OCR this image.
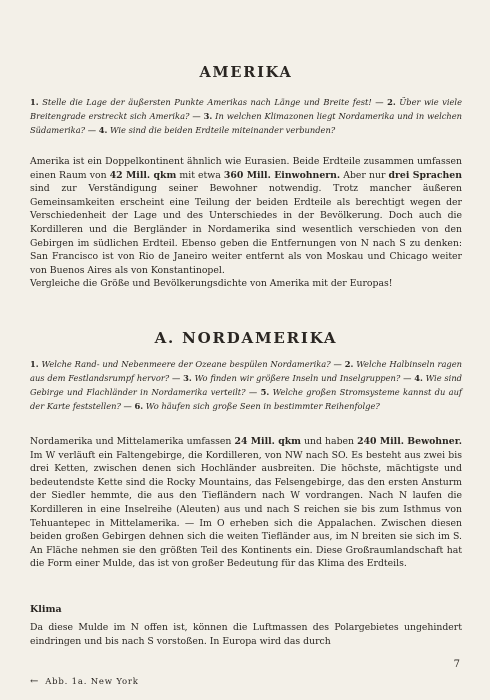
AMERIKA
1. Stelle die Lage der äußersten Punkte Amerikas nach Länge und Breite fest! — 2. Über wie viele Breitengrade erstreckt sich Amerika? — 3. In welchen Klimazonen liegt Nordamerika und in welchen Südamerika? — 4. Wie sind die beiden Erdteile miteinander verbunden?
Amerika ist ein Doppelkontinent ähnlich wie Eurasien. Beide Erdteile zusammen umfassen einen Raum von 42 Mill. qkm mit etwa 360 Mill. Einwohnern. Aber nur drei Sprachen sind zur Verständigung seiner Bewohner notwendig. Trotz mancher äußeren Gemeinsamkeiten erscheint eine Teilung der beiden Erdteile als berechtigt wegen der Verschiedenheit der Lage und des Unterschiedes in der Bevölkerung. Doch auch die Kordilleren und die Bergländer in Nordamerika sind wesentlich verschieden von den Gebirgen im südlichen Erdteil. Ebenso geben die Entfernungen von N nach S zu denken: San Francisco ist von Rio de Janeiro weiter entfernt als von Moskau und Chicago weiter von Buenos Aires als von Konstantinopel.
Vergleiche die Größe und Bevölkerungsdichte von Amerika mit der Europas!
A. NORDAMERIKA
1. Welche Rand- und Nebenmeere der Ozeane bespülen Nordamerika? — 2. Welche Halbinseln ragen aus dem Festlandsrumpf hervor? — 3. Wo finden wir größere Inseln und Inselgruppen? — 4. Wie sind Gebirge und Flachländer in Nordamerika verteilt? — 5. Welche großen Stromsysteme kannst du auf der Karte feststellen? — 6. Wo häufen sich große Seen in bestimmter Reihenfolge?
Nordamerika und Mittelamerika umfassen 24 Mill. qkm und haben 240 Mill. Bewohner. Im W verläuft ein Faltengebirge, die Kordilleren, von NW nach SO. Es besteht aus zwei bis drei Ketten, zwischen denen sich Hochländer ausbreiten. Die höchste, mächtigste und bedeutendste Kette sind die Rocky Mountains, das Felsengebirge, das den ersten Ansturm der Siedler hemmte, die aus den Tiefländern nach W vordrangen. Nach N laufen die Kordilleren in eine Inselreihe (Aleuten) aus und nach S reichen sie bis zum Isthmus von Tehuantepec in Mittelamerika. — Im O erheben sich die Appalachen. Zwischen diesen beiden großen Gebirgen dehnen sich die weiten Tiefländer aus, im N breiten sie sich im S. An Fläche nehmen sie den größten Teil des Kontinents ein. Diese Großraumlandschaft hat die Form einer Mulde, das ist von großer Bedeutung für das Klima des Erdteils.
Klima
Da diese Mulde im N offen ist, können die Luftmassen des Polargebietes ungehindert eindringen und bis nach S vorstoßen. In Europa wird das durch
7
← Abb. 1a. New York
